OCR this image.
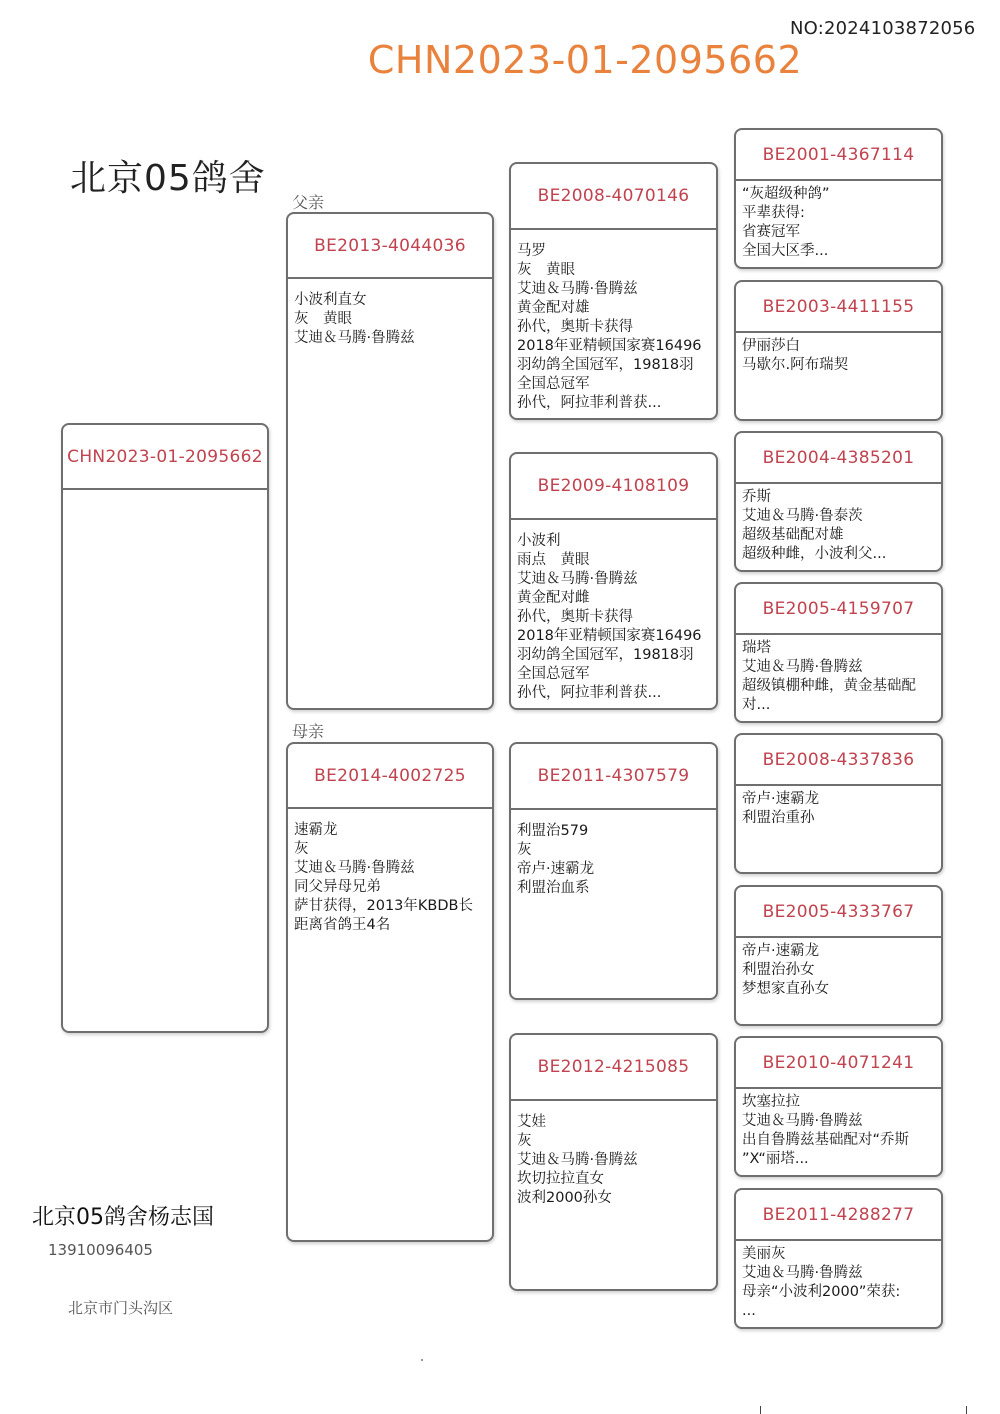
NO:2024103872056
CHN2023-01-2095662
北京05鸽舍
父亲
母亲
CHN2023-01-2095662
BE2013-4044036
小波利直女
灰　黄眼
艾迪＆马腾·鲁腾兹
BE2014-4002725
速霸龙
灰
艾迪＆马腾·鲁腾兹
同父异母兄弟
萨甘获得，2013年KBDB长
距离省鸽王4名
BE2008-4070146
马罗
灰　黄眼
艾迪＆马腾·鲁腾兹
黄金配对雄
孙代，奥斯卡获得
2018年亚精顿国家赛16496
羽幼鸽全国冠军，19818羽
全国总冠军
孙代，阿拉菲利普获...
BE2009-4108109
小波利
雨点　黄眼
艾迪＆马腾·鲁腾兹
黄金配对雌
孙代，奥斯卡获得
2018年亚精顿国家赛16496
羽幼鸽全国冠军，19818羽
全国总冠军
孙代，阿拉菲利普获...
BE2011-4307579
利盟治579
灰
帝卢·速霸龙
利盟治血系
BE2012-4215085
艾娃
灰
艾迪＆马腾·鲁腾兹
坎切拉拉直女
波利2000孙女
BE2001-4367114
“灰超级种鸽”
平辈获得:
省赛冠军
全国大区季...
BE2003-4411155
伊丽莎白
马歇尔.阿布瑞契
BE2004-4385201
乔斯
艾迪＆马腾·鲁泰茨
超级基础配对雄
超级种雌，小波利父...
BE2005-4159707
瑞塔
艾迪＆马腾·鲁腾兹
超级镇棚种雌，黄金基础配
对...
BE2008-4337836
帝卢·速霸龙
利盟治重孙
BE2005-4333767
帝卢·速霸龙
利盟治孙女
梦想家直孙女
BE2010-4071241
坎塞拉拉
艾迪＆马腾·鲁腾兹
出自鲁腾兹基础配对“乔斯
”X“丽塔...
BE2011-4288277
美丽灰
艾迪＆马腾·鲁腾兹
母亲“小波利2000”荣获:
...
北京05鸽舍杨志国
13910096405
北京市门头沟区
